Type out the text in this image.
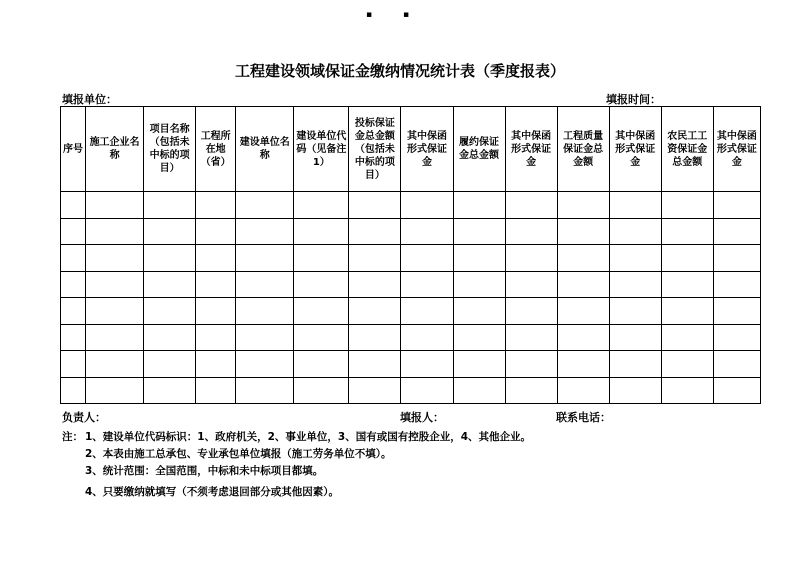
▪ ▪
工程建设领域保证金缴纳情况统计表（季度报表）
填报单位：	填报时间：
序号	施工企业名称	项目名称（包括未中标的项目）	工程所在地（省）	建设单位名称	建设单位代码（见备注1）	投标保证金总金额（包括未中标的项目）	其中保函形式保证金	履约保证金总金额	其中保函形式保证金	工程质量保证金总金额	其中保函形式保证金	农民工工资保证金总金额	其中保函形式保证金

负责人：	填报人：	联系电话：
注： 1、建设单位代码标识：1、政府机关，2、事业单位，3、国有或国有控股企业，4、其他企业。
2、本表由施工总承包、专业承包单位填报（施工劳务单位不填）。
3、统计范围：全国范围，中标和未中标项目都填。
4、只要缴纳就填写（不须考虑退回部分或其他因素）。
